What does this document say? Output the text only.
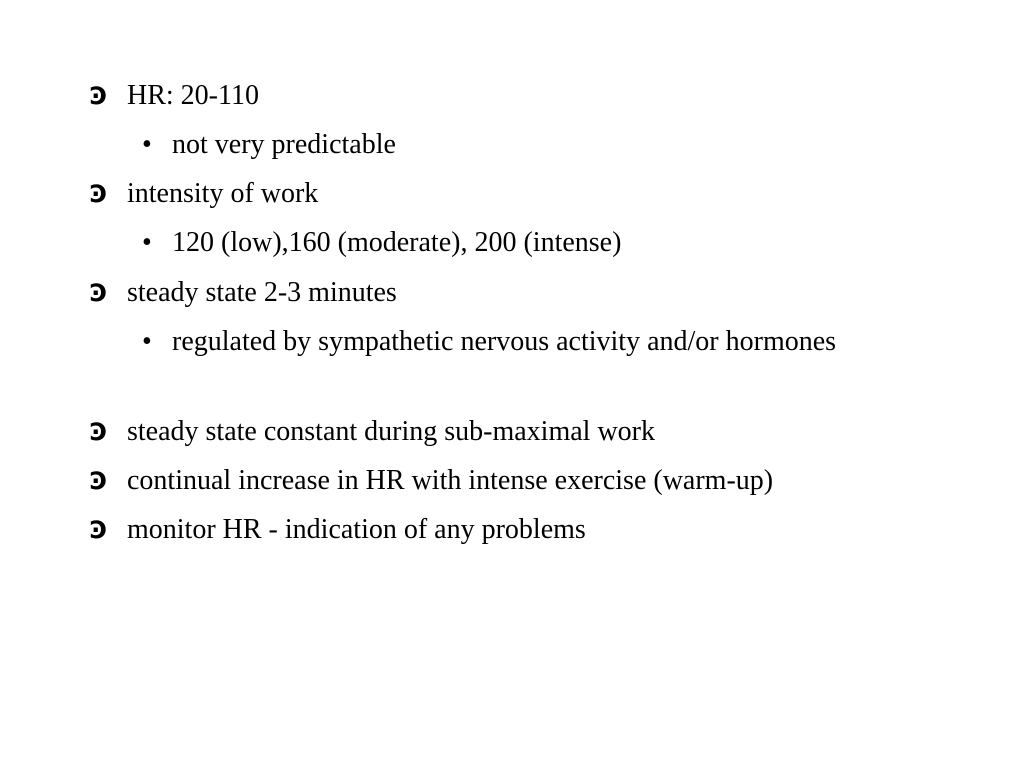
Ͽ HR: 20-110
• not very predictable
Ͽ intensity of work
• 120 (low),160 (moderate), 200 (intense)
Ͽ steady state 2-3 minutes
• regulated by sympathetic nervous activity and/or hormones
Ͽ steady state constant during sub-maximal work
Ͽ continual increase in HR with intense exercise (warm-up)
Ͽ monitor HR - indication of any problems
